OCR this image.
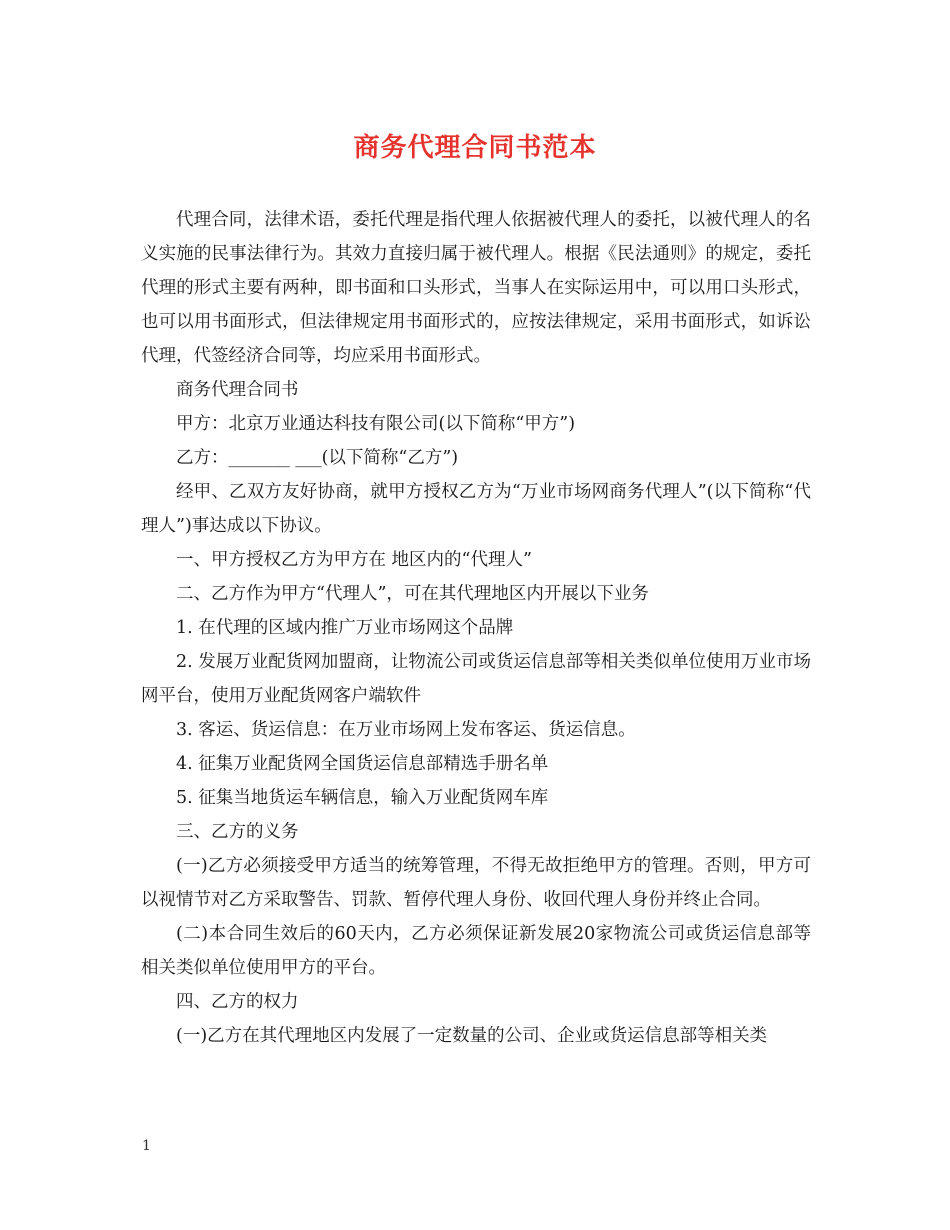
商务代理合同书范本

代理合同，法律术语，委托代理是指代理人依据被代理人的委托，以被代理人的名义实施的民事法律行为。其效力直接归属于被代理人。根据《民法通则》的规定，委托代理的形式主要有两种，即书面和口头形式，当事人在实际运用中，可以用口头形式，也可以用书面形式，但法律规定用书面形式的，应按法律规定，采用书面形式，如诉讼代理，代签经济合同等，均应采用书面形式。

商务代理合同书

甲方：北京万业通达科技有限公司(以下简称“甲方”)

乙方：_______ ___(以下简称“乙方”)

经甲、乙双方友好协商，就甲方授权乙方为“万业市场网商务代理人”(以下简称“代理人”)事达成以下协议。

一、甲方授权乙方为甲方在 地区内的“代理人”

二、乙方作为甲方“代理人”，可在其代理地区内开展以下业务

1. 在代理的区域内推广万业市场网这个品牌

2. 发展万业配货网加盟商，让物流公司或货运信息部等相关类似单位使用万业市场网平台，使用万业配货网客户端软件

3. 客运、货运信息：在万业市场网上发布客运、货运信息。

4. 征集万业配货网全国货运信息部精选手册名单

5. 征集当地货运车辆信息，输入万业配货网车库

三、乙方的义务

(一)乙方必须接受甲方适当的统筹管理，不得无故拒绝甲方的管理。否则，甲方可以视情节对乙方采取警告、罚款、暂停代理人身份、收回代理人身份并终止合同。

(二)本合同生效后的60天内，乙方必须保证新发展20家物流公司或货运信息部等相关类似单位使用甲方的平台。

四、乙方的权力

(一)乙方在其代理地区内发展了一定数量的公司、企业或货运信息部等相关类

1
